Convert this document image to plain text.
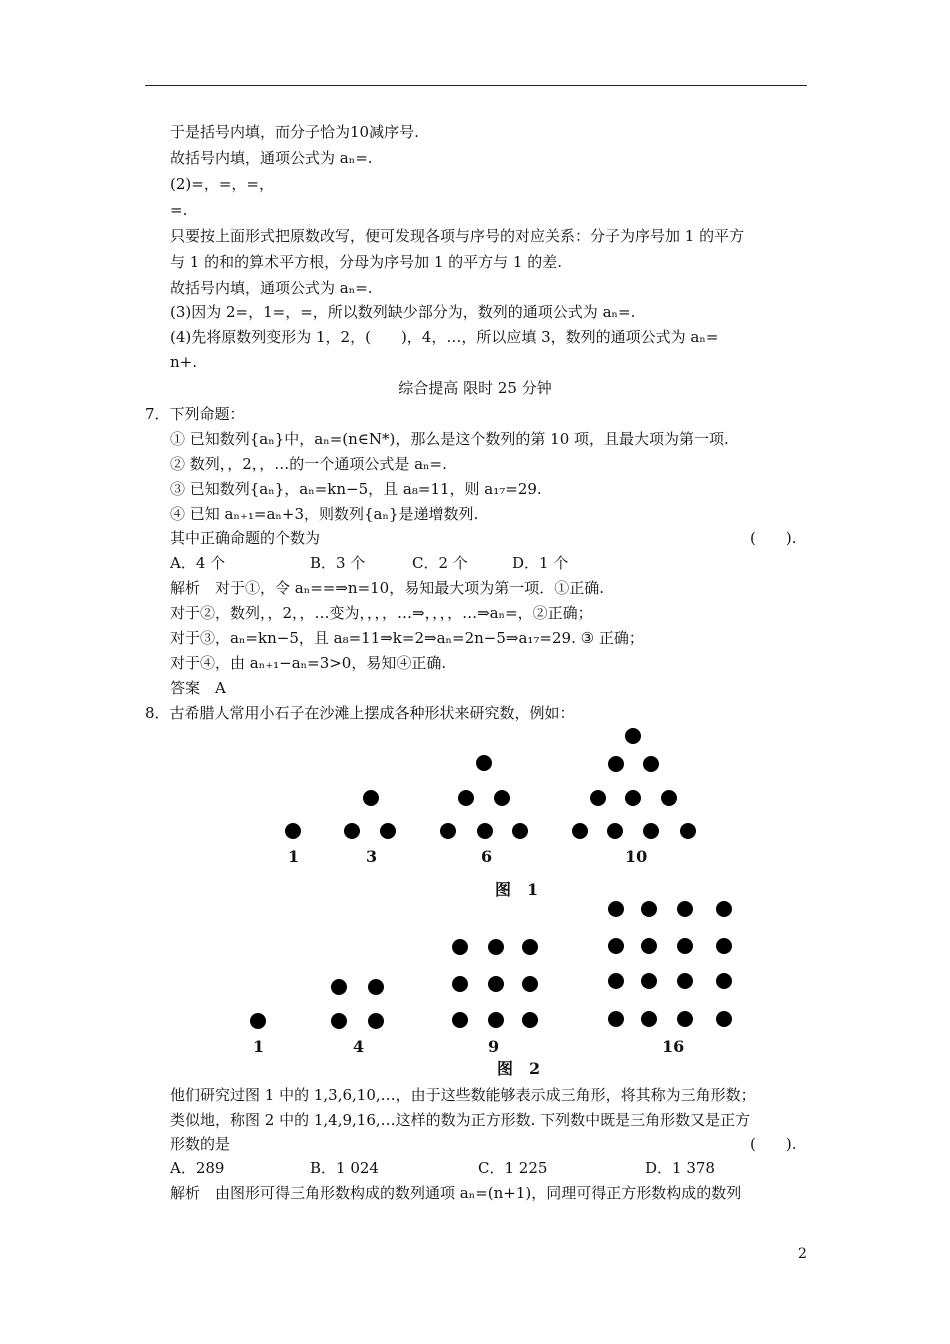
于是括号内填，而分子恰为10减序号.
故括号内填，通项公式为 aₙ=.
(2)=，=，=，
=.
只要按上面形式把原数改写，便可发现各项与序号的对应关系：分子为序号加 1 的平方
与 1 的和的算术平方根，分母为序号加 1 的平方与 1 的差.
故括号内填，通项公式为 aₙ=.
(3)因为 2=，1=，=，所以数列缺少部分为，数列的通项公式为 aₙ=.
(4)先将原数列变形为 1，2，(　　)，4，…，所以应填 3，数列的通项公式为 aₙ=
n+.
综合提高 限时 25 分钟
7．下列命题：
① 已知数列{aₙ}中，aₙ=(n∈N*)，那么是这个数列的第 10 项，且最大项为第一项.
② 数列，，2，，…的一个通项公式是 aₙ=.
③ 已知数列{aₙ}，aₙ=kn−5，且 a₈=11，则 a₁₇=29.
④ 已知 aₙ₊₁=aₙ+3，则数列{aₙ}是递增数列.
其中正确命题的个数为	(　　).
A．4 个	B．3 个	C．2 个	D．1 个
解析　对于①，令 aₙ==⇒n=10，易知最大项为第一项．①正确.
对于②，数列，，2，，…变为，，，，…⇒，，，，…⇒aₙ=，②正确；
对于③，aₙ=kn−5，且 a₈=11⇒k=2⇒aₙ=2n−5⇒a₁₇=29. ③ 正确；
对于④，由 aₙ₊₁−aₙ=3>0，易知④正确.
答案　A
8．古希腊人常用小石子在沙滩上摆成各种形状来研究数，例如：
1	3	6	10
图　1
1	4	9	16
图　2
他们研究过图 1 中的 1,3,6,10,…，由于这些数能够表示成三角形，将其称为三角形数；
类似地，称图 2 中的 1,4,9,16,…这样的数为正方形数. 下列数中既是三角形数又是正方
形数的是	(　　).
A．289	B．1 024	C．1 225	D．1 378
解析　由图形可得三角形数构成的数列通项 aₙ=(n+1)，同理可得正方形数构成的数列
2
